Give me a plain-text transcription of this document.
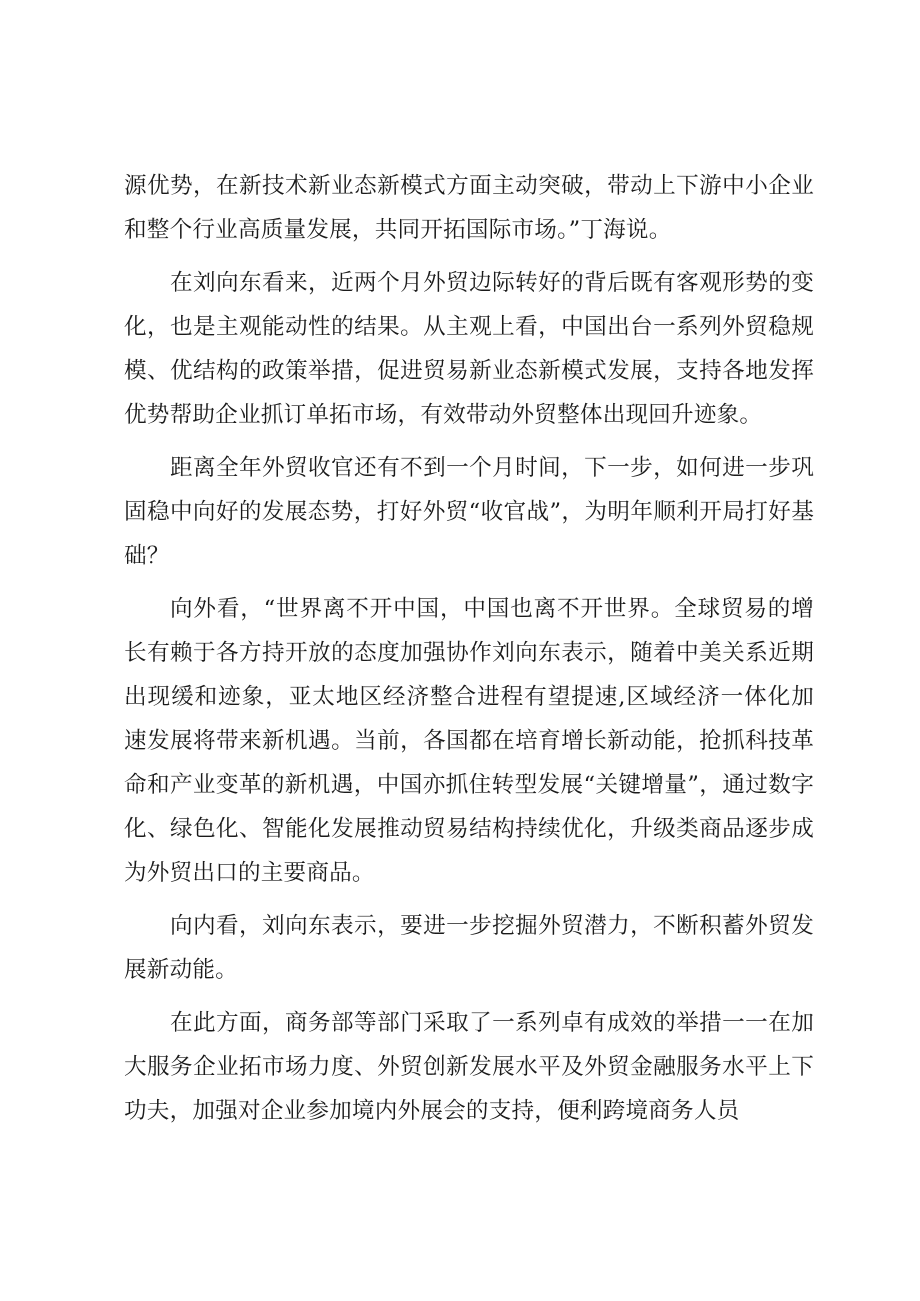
源优势，在新技术新业态新模式方面主动突破，带动上下游中小企业和整个行业高质量发展，共同开拓国际市场。”丁海说。

在刘向东看来，近两个月外贸边际转好的背后既有客观形势的变化，也是主观能动性的结果。从主观上看，中国出台一系列外贸稳规模、优结构的政策举措，促进贸易新业态新模式发展，支持各地发挥优势帮助企业抓订单拓市场，有效带动外贸整体出现回升迹象。

距离全年外贸收官还有不到一个月时间，下一步，如何进一步巩固稳中向好的发展态势，打好外贸“收官战”，为明年顺利开局打好基础？

向外看，“世界离不开中国，中国也离不开世界。全球贸易的增长有赖于各方持开放的态度加强协作刘向东表示，随着中美关系近期出现缓和迹象，亚太地区经济整合进程有望提速,区域经济一体化加速发展将带来新机遇。当前，各国都在培育增长新动能，抢抓科技革命和产业变革的新机遇，中国亦抓住转型发展“关键增量”，通过数字化、绿色化、智能化发展推动贸易结构持续优化，升级类商品逐步成为外贸出口的主要商品。

向内看，刘向东表示，要进一步挖掘外贸潜力，不断积蓄外贸发展新动能。

在此方面，商务部等部门采取了一系列卓有成效的举措一一在加大服务企业拓市场力度、外贸创新发展水平及外贸金融服务水平上下功夫，加强对企业参加境内外展会的支持，便利跨境商务人员
